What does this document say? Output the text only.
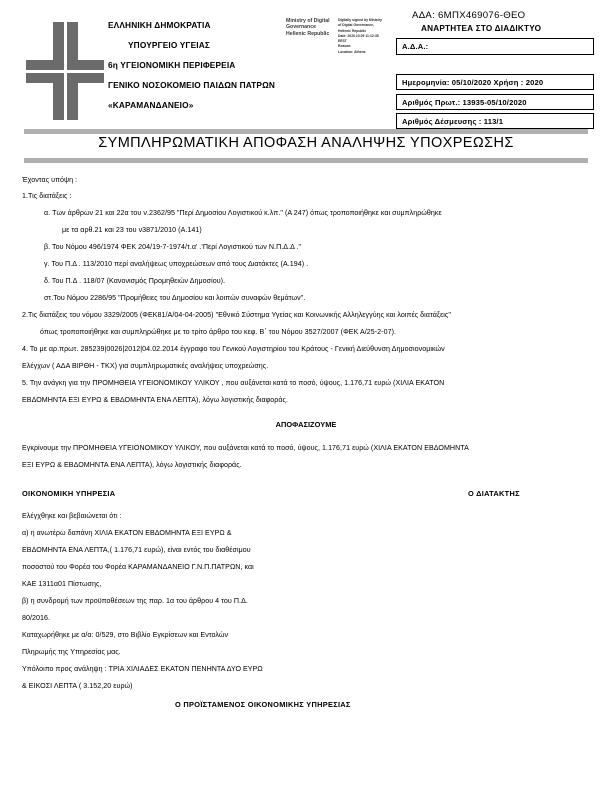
ΕΛΛΗΝΙΚΗ ΔΗΜΟΚΡΑΤΙΑ
ΥΠΟΥΡΓΕΙΟ ΥΓΕΙΑΣ
6η ΥΓΕΙΟΝΟΜΙΚΗ ΠΕΡΙΦΕΡΕΙΑ
ΓΕΝΙΚΟ ΝΟΣΟΚΟΜΕΙΟ ΠΑΙΔΩΝ ΠΑΤΡΩΝ
«ΚΑΡΑΜΑΝΔΑΝΕΙΟ»
Ministry of Digital
Governance
Hellenic Republic
Digitally signed by Ministry
of Digital Governance,
Hellenic Republic
Date: 2020.10.09 11:12:35
EEST
Reason:
Location: Athens
ΑΔΑ: 6ΜΠΧ469076-ΘΕΟ
ΑΝΑΡΤΗΤΕΑ ΣΤΟ ΔΙΑΔΙΚΤΥΟ
Α.Δ.Α.:
Ημερομηνία: 05/10/2020 Χρήση : 2020
Αριθμός Πρωτ.: 13935-05/10/2020
Αριθμός Δέσμευσης : 113/1
ΣΥΜΠΛΗΡΩΜΑΤΙΚΗ ΑΠΟΦΑΣΗ ΑΝΑΛΗΨΗΣ ΥΠΟΧΡΕΩΣΗΣ
Έχοντας υπόψη :
1.Τις διατάξεις :
α. Των άρθρων 21 και 22α του ν.2362/95 "Περί Δημοσίου Λογιστικού κ.λπ." (Α 247) όπως τροποποιήθηκε και συμπληρώθηκε
με τα αρθ.21 και 23 του ν3871/2010 (Α.141)
β. Του Νόμου 496/1974 ΦΕΚ 204/19-7-1974/τ.α' .'Περί Λογιστικού των Ν.Π.Δ.Δ ."
γ. Του Π.Δ . 113/2010 περί αναλήψεως υποχρεώσεων από τους Διατάκτες (Α.194) .
δ. Του Π.Δ . 118/07 (Κανονισμός Προμηθειών Δημοσίου).
στ.Του Νόμου 2286/95 "Προμήθειες του Δημοσίου και λοιπών συναφών θεμάτων".
2.Τις διατάξεις του νόμου 3329/2005 (ΦΕΚ81/Α/04-04-2005) "Εθνικό Σύστημα Υγείας και Κοινωνικής Αλληλεγγύης και λοιπές διατάξεις"
όπως τροποποιήθηκε και συμπληρώθηκε με το τρίτο άρθρο του κεφ. Β΄ του Νόμου 3527/2007 (ΦΕΚ Α/25-2-07).
4. Το με αρ.πρωτ. 285239|0026|2012|04.02.2014 έγγραφο του Γενικού Λογιστηρίου του Κράτους - Γενική Διεύθυνση Δημοσιονομικών
Ελέγχων ( ΑΔΑ ΒΙΡΘΗ - ΤΚΧ) για συμπληρωματικές αναλήψεις υποχρεώσης.
5. Την ανάγκη για την ΠΡΟΜΗΘΕΙΑ ΥΓΕΙΟΝΟΜΙΚΟΥ ΥΛΙΚΟΥ , που αυξάνεται κατά το ποσό, ύψους, 1.176,71 ευρώ (ΧΙΛΙΑ ΕΚΑΤΟΝ
ΕΒΔΟΜΗΝΤΑ ΕΞΙ ΕΥΡΩ & ΕΒΔΟΜΗΝΤΑ ΕΝΑ ΛΕΠΤΑ), λόγω λογιστικής διαφοράς.
ΑΠΟΦΑΣΙΖΟΥΜΕ
Εγκρίνουμε την ΠΡΟΜΗΘΕΙΑ ΥΓΕΙΟΝΟΜΙΚΟΥ ΥΛΙΚΟΥ, που αυξάνεται κατά το ποσό, ύψους, 1.176,71 ευρώ (ΧΙΛΙΑ ΕΚΑΤΟΝ ΕΒΔΟΜΗΝΤΑ
ΕΞΙ ΕΥΡΩ & ΕΒΔΟΜΗΝΤΑ ΕΝΑ ΛΕΠΤΑ), λόγω λογιστικής διαφοράς.
ΟΙΚΟΝΟΜΙΚΗ ΥΠΗΡΕΣΙΑ	Ο ΔΙΑΤΑΚΤΗΣ
Ελέγχθηκε και βεβαιώνεται ότι :
α) η ανωτέρω δαπάνη ΧΙΛΙΑ ΕΚΑΤΟΝ ΕΒΔΟΜΗΝΤΑ ΕΞΙ ΕΥΡΩ &
ΕΒΔΟΜΗΝΤΑ ΕΝΑ ΛΕΠΤΑ,( 1.176,71 ευρώ), είναι εντός του διαθέσιμου
ποσοστού του Φορέα του Φορέα ΚΑΡΑΜΑΝΔΑΝΕΙΟ Γ.Ν.Π.ΠΑΤΡΩΝ, και
ΚΑΕ 1311α01 Πίστωσης,
β) η συνδρομή των προϋποθέσεων της παρ. 1α του άρθρου 4 του Π.Δ.
80/2016.
Καταχωρήθηκε με α/α: 0/529, στο Βιβλίο Εγκρίσεων και Εντολών
Πληρωμής της Υπηρεσίας μας.
Υπόλοιπο προς ανάληψη : ΤΡΙΑ ΧΙΛΙΑΔΕΣ ΕΚΑΤΟΝ ΠΕΝΗΝΤΑ ΔΥΟ ΕΥΡΩ
& ΕΙΚΟΣΙ ΛΕΠΤΑ ( 3.152,20 ευρώ)
Ο ΠΡΟΪΣΤΑΜΕΝΟΣ ΟΙΚΟΝΟΜΙΚΗΣ ΥΠΗΡΕΣΙΑΣ
